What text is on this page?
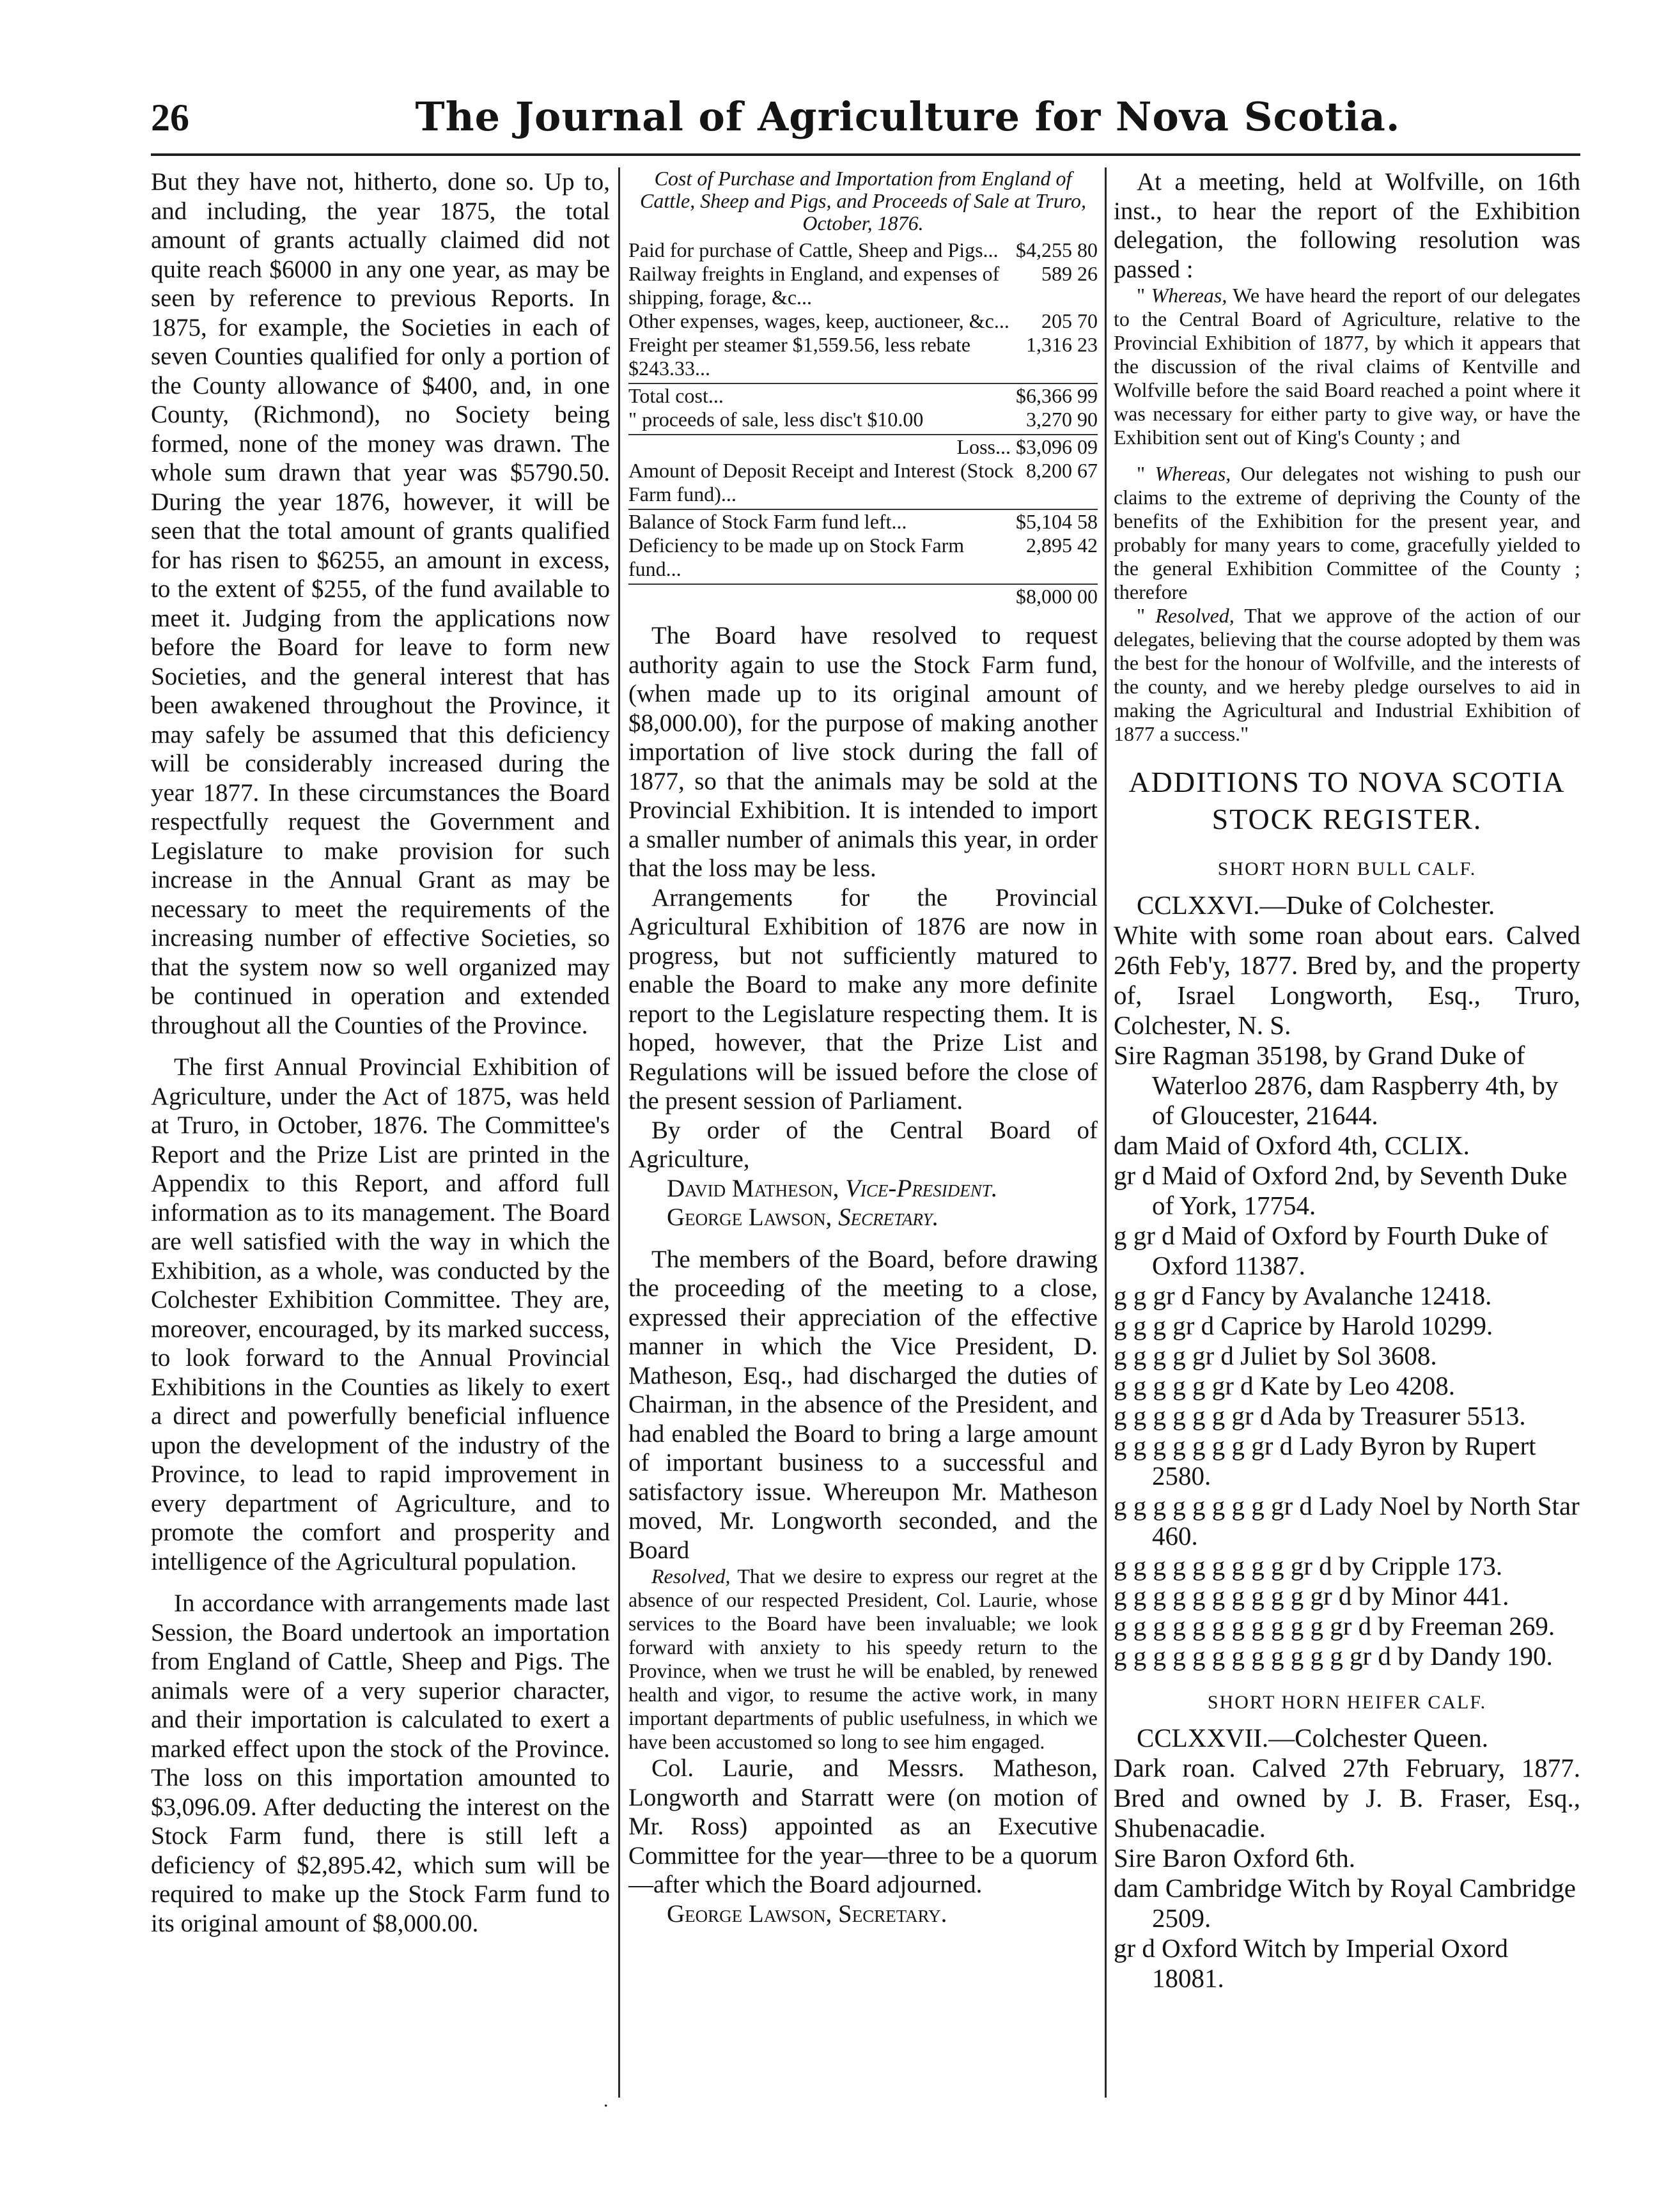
26	The Journal of Agriculture for Nova Scotia.

But they have not, hitherto, done so. Up to, and including, the year 1875, the total amount of grants actually claimed did not quite reach $6000 in any one year, as may be seen by reference to previous Reports. In 1875, for example, the Societies in each of seven Counties qualified for only a portion of the County allowance of $400, and, in one County, (Richmond), no Society being formed, none of the money was drawn. The whole sum drawn that year was $5790.50. During the year 1876, however, it will be seen that the total amount of grants qualified for has risen to $6255, an amount in excess, to the extent of $255, of the fund available to meet it. Judging from the applications now before the Board for leave to form new Societies, and the general interest that has been awakened throughout the Province, it may safely be assumed that this deficiency will be considerably increased during the year 1877. In these circumstances the Board respectfully request the Government and Legislature to make provision for such increase in the Annual Grant as may be necessary to meet the requirements of the increasing number of effective Societies, so that the system now so well organized may be continued in operation and extended throughout all the Counties of the Province.

The first Annual Provincial Exhibition of Agriculture, under the Act of 1875, was held at Truro, in October, 1876. The Committee's Report and the Prize List are printed in the Appendix to this Report, and afford full information as to its management. The Board are well satisfied with the way in which the Exhibition, as a whole, was conducted by the Colchester Exhibition Committee. They are, moreover, encouraged, by its marked success, to look forward to the Annual Provincial Exhibitions in the Counties as likely to exert a direct and powerfully beneficial influence upon the development of the industry of the Province, to lead to rapid improvement in every department of Agriculture, and to promote the comfort and prosperity and intelligence of the Agricultural population.

In accordance with arrangements made last Session, the Board undertook an importation from England of Cattle, Sheep and Pigs. The animals were of a very superior character, and their importation is calculated to exert a marked effect upon the stock of the Province. The loss on this importation amounted to $3,096.09. After deducting the interest on the Stock Farm fund, there is still left a deficiency of $2,895.42, which sum will be required to make up the Stock Farm fund to its original amount of $8,000.00.

.
Cost of Purchase and Importation from England of Cattle, Sheep and Pigs, and Proceeds of Sale at Truro, October, 1876.
Paid for purchase of Cattle, Sheep and Pigs... $4,255 80
Railway freights in England, and expenses of shipping, forage, &c...
589 26
Other expenses, wages, keep, auctioneer, &c...	205 70
Freight per steamer $1,559.56, less rebate $243.33...
1,316 23
Total cost...	$6,366 99
" proceeds of sale, less disc't $10.00	3,270 90
Loss... $3,096 09
Amount of Deposit Receipt and Interest (Stock Farm fund)...
8,200 67
Balance of Stock Farm fund left...	$5,104 58
Deficiency to be made up on Stock Farm fund...
2,895 42
$8,000 00

The Board have resolved to request authority again to use the Stock Farm fund, (when made up to its original amount of $8,000.00), for the purpose of making another importation of live stock during the fall of 1877, so that the animals may be sold at the Provincial Exhibition. It is intended to import a smaller number of animals this year, in order that the loss may be less.

Arrangements for the Provincial Agricultural Exhibition of 1876 are now in progress, but not sufficiently matured to enable the Board to make any more definite report to the Legislature respecting them. It is hoped, however, that the Prize List and Regulations will be issued before the close of the present session of Parliament.

By order of the Central Board of Agriculture,

David Matheson, Vice-President.

George Lawson, Secretary.

The members of the Board, before drawing the proceeding of the meeting to a close, expressed their appreciation of the effective manner in which the Vice President, D. Matheson, Esq., had discharged the duties of Chairman, in the absence of the President, and had enabled the Board to bring a large amount of important business to a successful and satisfactory issue. Whereupon Mr. Matheson moved, Mr. Longworth seconded, and the Board

Resolved, That we desire to express our regret at the absence of our respected President, Col. Laurie, whose services to the Board have been invaluable; we look forward with anxiety to his speedy return to the Province, when we trust he will be enabled, by renewed health and vigor, to resume the active work, in many important departments of public usefulness, in which we have been accustomed so long to see him engaged.

Col. Laurie, and Messrs. Matheson, Longworth and Starratt were (on motion of Mr. Ross) appointed as an Executive Committee for the year—three to be a quorum—after which the Board adjourned.

George Lawson, Secretary.

At a meeting, held at Wolfville, on 16th inst., to hear the report of the Exhibition delegation, the following resolution was passed :

" Whereas, We have heard the report of our delegates to the Central Board of Agriculture, relative to the Provincial Exhibition of 1877, by which it appears that the discussion of the rival claims of Kentville and Wolfville before the said Board reached a point where it was necessary for either party to give way, or have the Exhibition sent out of King's County ; and

" Whereas, Our delegates not wishing to push our claims to the extreme of depriving the County of the benefits of the Exhibition for the present year, and probably for many years to come, gracefully yielded to the general Exhibition Committee of the County ; therefore

" Resolved, That we approve of the action of our delegates, believing that the course adopted by them was the best for the honour of Wolfville, and the interests of the county, and we hereby pledge ourselves to aid in making the Agricultural and Industrial Exhibition of 1877 a success."

ADDITIONS TO NOVA SCOTIA STOCK REGISTER.
SHORT HORN BULL CALF.

CCLXXVI.—Duke of Colchester.

White with some roan about ears. Calved 26th Feb'y, 1877. Bred by, and the property of, Israel Longworth, Esq., Truro, Colchester, N. S.

Sire Ragman 35198, by Grand Duke of Waterloo 2876, dam Raspberry 4th, by of Gloucester, 21644.

dam Maid of Oxford 4th, CCLIX.

gr d Maid of Oxford 2nd, by Seventh Duke of York, 17754.

g gr d Maid of Oxford by Fourth Duke of Oxford 11387.

g g gr d Fancy by Avalanche 12418.

g g g gr d Caprice by Harold 10299.

g g g g gr d Juliet by Sol 3608.

g g g g g gr d Kate by Leo 4208.

g g g g g g gr d Ada by Treasurer 5513.

g g g g g g g gr d Lady Byron by Rupert 2580.

g g g g g g g g gr d Lady Noel by North Star 460.

g g g g g g g g g gr d by Cripple 173.

g g g g g g g g g g gr d by Minor 441.

g g g g g g g g g g g gr d by Freeman 269.

g g g g g g g g g g g g gr d by Dandy 190.

SHORT HORN HEIFER CALF.

CCLXXVII.—Colchester Queen.

Dark roan. Calved 27th February, 1877. Bred and owned by J. B. Fraser, Esq., Shubenacadie.

Sire Baron Oxford 6th.

dam Cambridge Witch by Royal Cambridge 2509.

gr d Oxford Witch by Imperial Oxord 18081.
